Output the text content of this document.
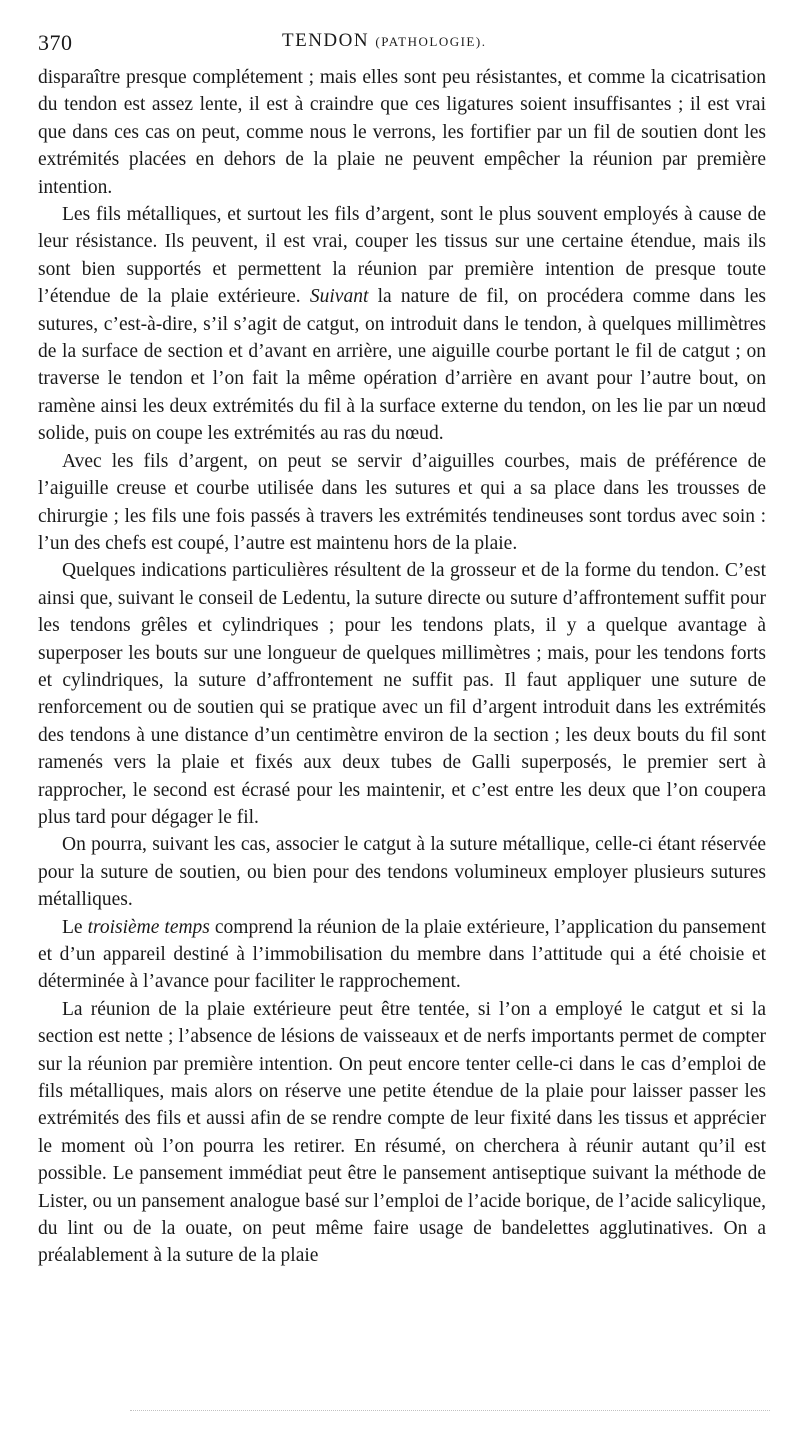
370	TENDON (PATHOLOGIE).

disparaître presque complétement ; mais elles sont peu résistantes, et comme la cicatrisation du tendon est assez lente, il est à craindre que ces ligatures soient insuffisantes ; il est vrai que dans ces cas on peut, comme nous le verrons, les fortifier par un fil de soutien dont les extrémités placées en dehors de la plaie ne peuvent empêcher la réunion par première intention.

Les fils métalliques, et surtout les fils d’argent, sont le plus souvent employés à cause de leur résistance. Ils peuvent, il est vrai, couper les tissus sur une certaine étendue, mais ils sont bien supportés et permettent la réunion par première intention de presque toute l’étendue de la plaie extérieure. Suivant la nature de fil, on procédera comme dans les sutures, c’est-à-dire, s’il s’agit de catgut, on introduit dans le tendon, à quelques millimètres de la surface de section et d’avant en arrière, une aiguille courbe portant le fil de catgut ; on traverse le tendon et l’on fait la même opération d’arrière en avant pour l’autre bout, on ramène ainsi les deux extrémités du fil à la surface externe du tendon, on les lie par un nœud solide, puis on coupe les extrémités au ras du nœud.

Avec les fils d’argent, on peut se servir d’aiguilles courbes, mais de préférence de l’aiguille creuse et courbe utilisée dans les sutures et qui a sa place dans les trousses de chirurgie ; les fils une fois passés à travers les extrémités tendineuses sont tordus avec soin : l’un des chefs est coupé, l’autre est maintenu hors de la plaie.

Quelques indications particulières résultent de la grosseur et de la forme du tendon. C’est ainsi que, suivant le conseil de Ledentu, la suture directe ou suture d’affrontement suffit pour les tendons grêles et cylindriques ; pour les tendons plats, il y a quelque avantage à superposer les bouts sur une longueur de quelques millimètres ; mais, pour les tendons forts et cylindriques, la suture d’affrontement ne suffit pas. Il faut appliquer une suture de renforcement ou de soutien qui se pratique avec un fil d’argent introduit dans les extrémités des tendons à une distance d’un centimètre environ de la section ; les deux bouts du fil sont ramenés vers la plaie et fixés aux deux tubes de Galli superposés, le premier sert à rapprocher, le second est écrasé pour les maintenir, et c’est entre les deux que l’on coupera plus tard pour dégager le fil.

On pourra, suivant les cas, associer le catgut à la suture métallique, celle-ci étant réservée pour la suture de soutien, ou bien pour des tendons volumineux employer plusieurs sutures métalliques.

Le troisième temps comprend la réunion de la plaie extérieure, l’application du pansement et d’un appareil destiné à l’immobilisation du membre dans l’attitude qui a été choisie et déterminée à l’avance pour faciliter le rapprochement.

La réunion de la plaie extérieure peut être tentée, si l’on a employé le catgut et si la section est nette ; l’absence de lésions de vaisseaux et de nerfs importants permet de compter sur la réunion par première intention. On peut encore tenter celle-ci dans le cas d’emploi de fils métalliques, mais alors on réserve une petite étendue de la plaie pour laisser passer les extrémités des fils et aussi afin de se rendre compte de leur fixité dans les tissus et apprécier le moment où l’on pourra les retirer. En résumé, on cherchera à réunir autant qu’il est possible. Le pansement immédiat peut être le pansement antiseptique suivant la méthode de Lister, ou un pansement analogue basé sur l’emploi de l’acide borique, de l’acide salicylique, du lint ou de la ouate, on peut même faire usage de bandelettes agglutinatives. On a préalablement à la suture de la plaie
